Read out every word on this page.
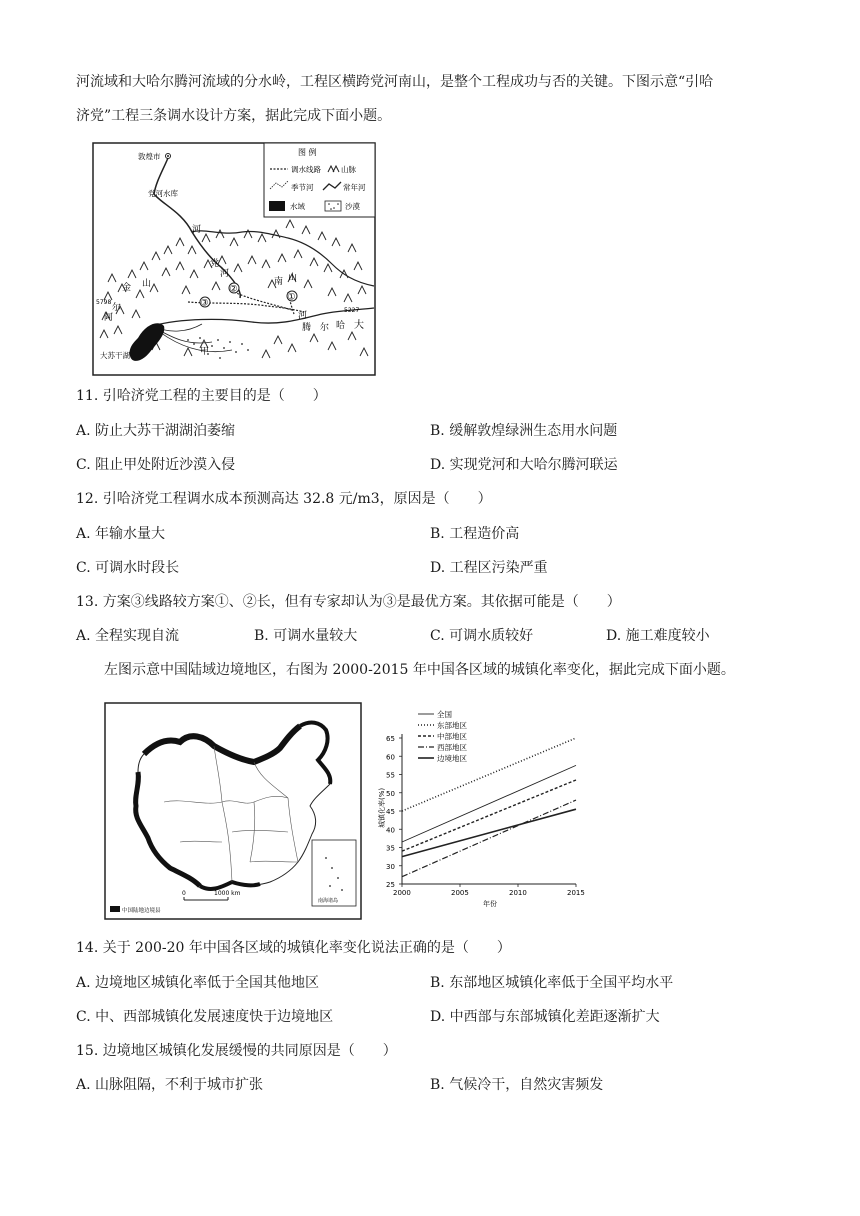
河流域和大哈尔腾河流域的分水岭，工程区横跨党河南山，是整个工程成功与否的关键。下图示意“引哈
济党”工程三条调水设计方案，据此完成下面小题。
图 例
调水线路	山脉
季节河	常年河
水域	沙漠
敦煌市
党河水库
河
③
②
①
大苏干湖	甲
党
河
南 山
金 山
尔
阿
5798
腾 尔 哈 大
河
5227
11. 引哈济党工程的主要目的是（　　）
A. 防止大苏干湖湖泊萎缩	B. 缓解敦煌绿洲生态用水问题
C. 阻止甲处附近沙漠入侵	D. 实现党河和大哈尔腾河联运
12. 引哈济党工程调水成本预测高达 32.8 元/m3，原因是（　　）
A. 年输水量大	B. 工程造价高
C. 可调水时段长	D. 工程区污染严重
13. 方案③线路较方案①、②长，但有专家却认为③是最优方案。其依据可能是（　　）
A. 全程实现自流	B. 可调水量较大	C. 可调水质较好	D. 施工难度较小
左图示意中国陆域边境地区，右图为 2000-2015 年中国各区域的城镇化率变化，据此完成下面小题。
南海诸岛
0	1000 km
中国陆地边境县
25
30
35
40
45
50
55
60
65
2000	2005	2010	2015
年份
城镇化率(%)
全国
东部地区
中部地区
西部地区
边境地区
14. 关于 200-20 年中国各区域的城镇化率变化说法正确的是（　　）
A. 边境地区城镇化率低于全国其他地区	B. 东部地区城镇化率低于全国平均水平
C. 中、西部城镇化发展速度快于边境地区	D. 中西部与东部城镇化差距逐渐扩大
15. 边境地区城镇化发展缓慢的共同原因是（　　）
A. 山脉阻隔，不利于城市扩张	B. 气候冷干，自然灾害频发
